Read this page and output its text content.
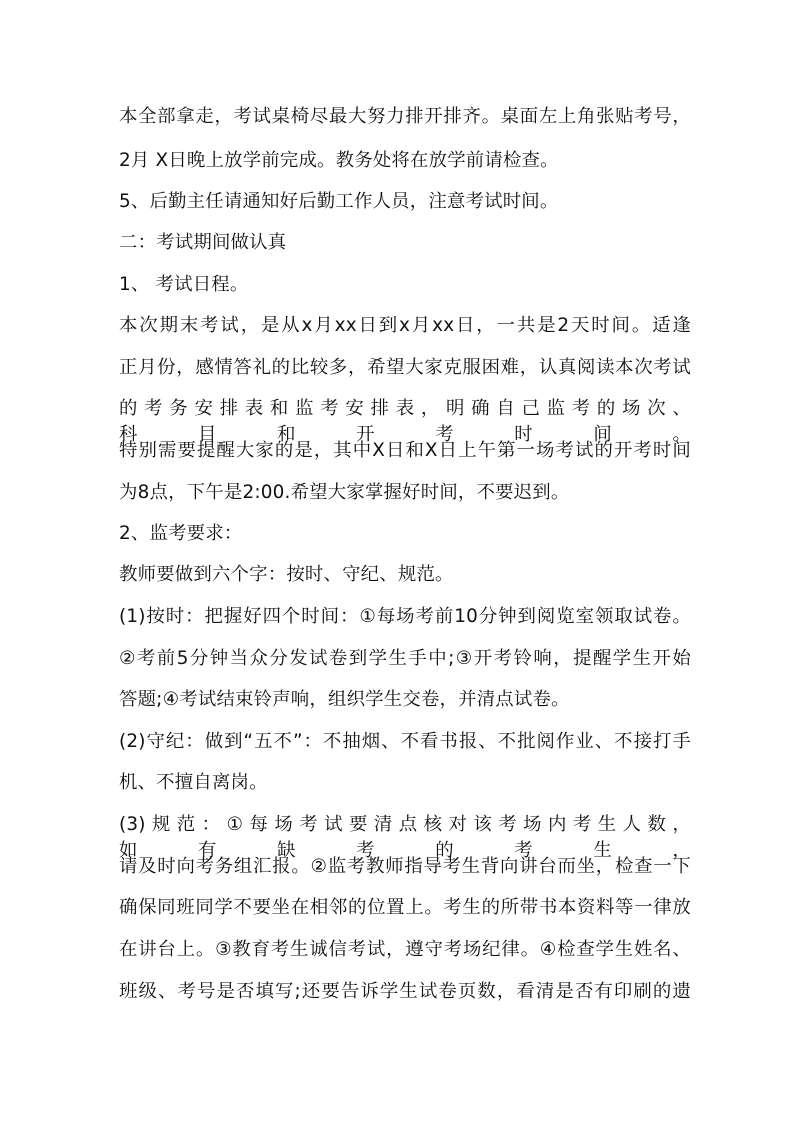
本全部拿走，考试桌椅尽最大努力排开排齐。桌面左上角张贴考号，
2月 X日晚上放学前完成。教务处将在放学前请检查。
5、后勤主任请通知好后勤工作人员，注意考试时间。
二：考试期间做认真
1、 考试日程。
本次期末考试，是从x月xx日到x月xx日，一共是2天时间。适逢
正月份，感情答礼的比较多，希望大家克服困难，认真阅读本次考试
的考务安排表和监考安排表，明确自己监考的场次、科目和开考时间。
特别需要提醒大家的是，其中X日和X日上午第一场考试的开考时间
为8点，下午是2:00.希望大家掌握好时间，不要迟到。
2、监考要求：
教师要做到六个字：按时、守纪、规范。
(1)按时：把握好四个时间：①每场考前10分钟到阅览室领取试卷。
②考前5分钟当众分发试卷到学生手中;③开考铃响，提醒学生开始
答题;④考试结束铃声响，组织学生交卷，并清点试卷。
(2)守纪：做到“五不”：不抽烟、不看书报、不批阅作业、不接打手
机、不擅自离岗。
(3)规范：①每场考试要清点核对该考场内考生人数，如有缺考的考生，
请及时向考务组汇报。②监考教师指导考生背向讲台而坐，检查一下
确保同班同学不要坐在相邻的位置上。考生的所带书本资料等一律放
在讲台上。③教育考生诚信考试，遵守考场纪律。④检查学生姓名、
班级、考号是否填写;还要告诉学生试卷页数，看清是否有印刷的遗
